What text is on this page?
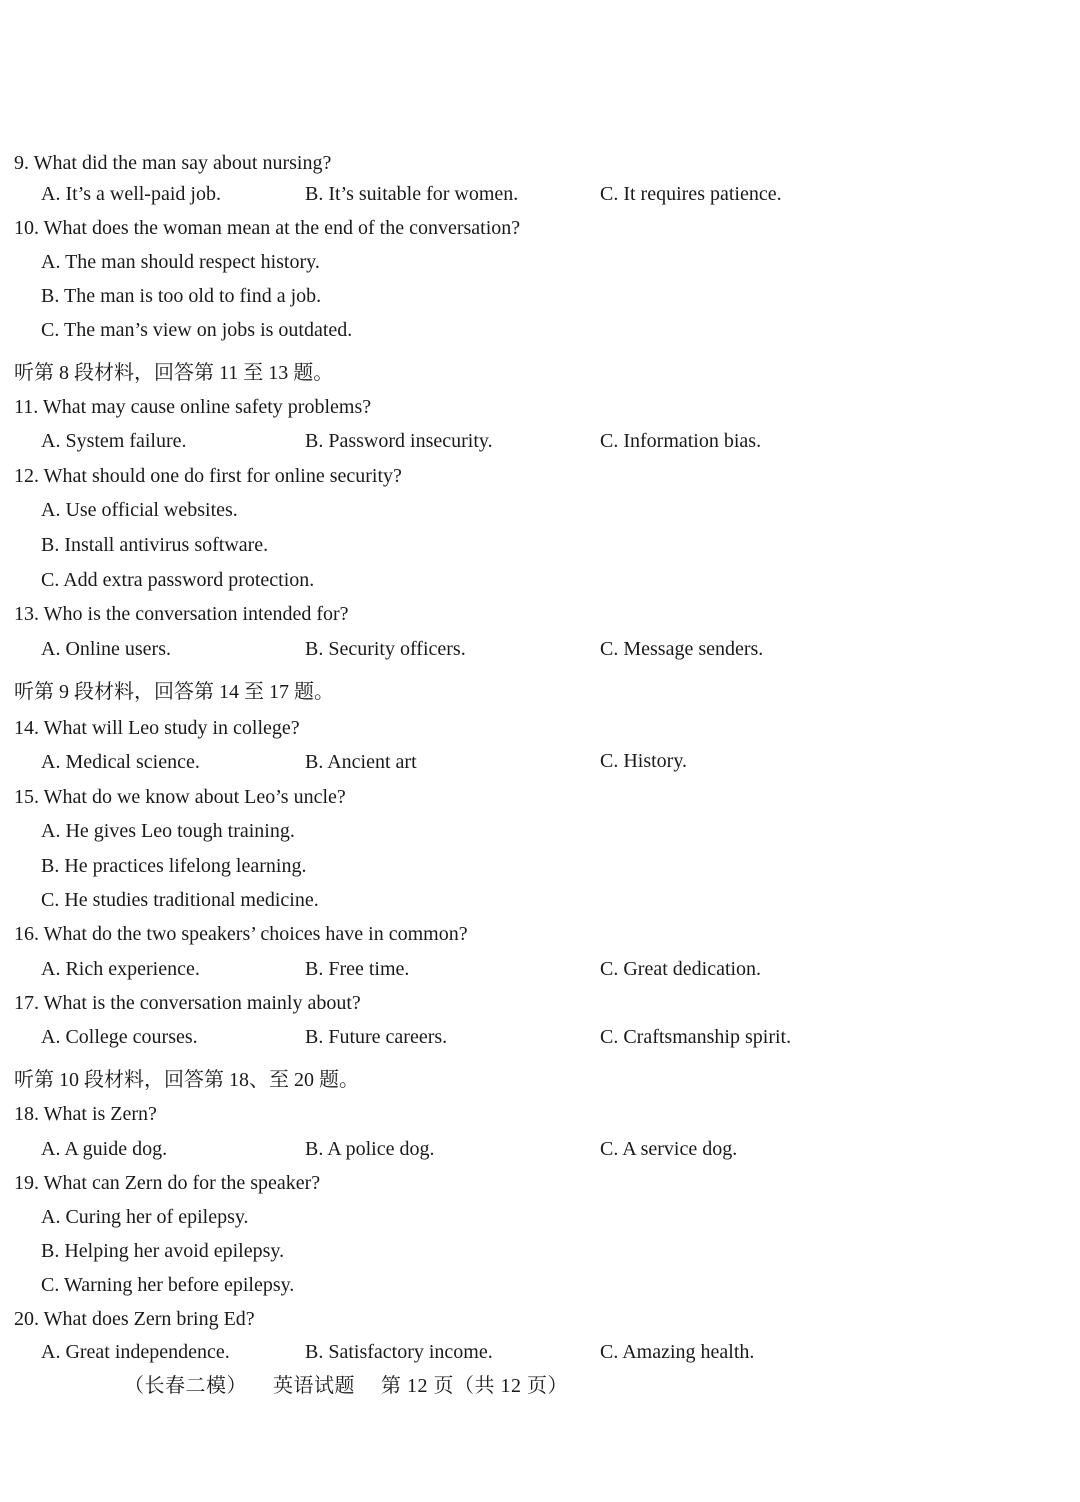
9. What did the man say about nursing?
A. It’s a well-paid job.	B. It’s suitable for women.	C. It requires patience.
10. What does the woman mean at the end of the conversation?
A. The man should respect history.
B. The man is too old to find a job.
C. The man’s view on jobs is outdated.
听第 8 段材料，回答第 11 至 13 题。
11. What may cause online safety problems?
A. System failure.	B. Password insecurity.	C. Information bias.
12. What should one do first for online security?
A. Use official websites.
B. Install antivirus software.
C. Add extra password protection.
13. Who is the conversation intended for?
A. Online users.	B. Security officers.	C. Message senders.
听第 9 段材料，回答第 14 至 17 题。
14. What will Leo study in college?
A. Medical science.	B. Ancient art	C. History.
15. What do we know about Leo’s uncle?
A. He gives Leo tough training.
B. He practices lifelong learning.
C. He studies traditional medicine.
16. What do the two speakers’ choices have in common?
A. Rich experience.	B. Free time.	C. Great dedication.
17. What is the conversation mainly about?
A. College courses.	B. Future careers.	C. Craftsmanship spirit.
听第 10 段材料，回答第 18、至 20 题。
18. What is Zern?
A. A guide dog.	B. A police dog.	C. A service dog.
19. What can Zern do for the speaker?
A. Curing her of epilepsy.
B. Helping her avoid epilepsy.
C. Warning her before epilepsy.
20. What does Zern bring Ed?
A. Great independence.	B. Satisfactory income.	C. Amazing health.
（长春二模） 英语试题 第 12 页（共 12 页）
